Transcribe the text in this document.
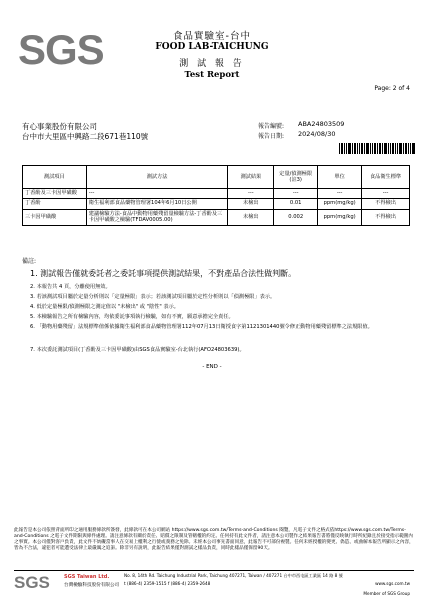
SGS	食品實驗室-台中
FOOD LAB-TAICHUNG
測 試 報 告
Test Report
Page: 2 of 4
有心事業股份有限公司
台中市大里區中興路二段671巷110號
報告編號: ABA24803509
報告日期: 2024/08/30
測試項目	測試方法	測試結果	定量/偵測極限(註3)	單位	食品衛生標準
丁香酚及三卡因甲磺酸	---	---	---	---	---
丁香酚	衛生福利部食品藥物管理署104年6月10日公開	未檢出	0.01	ppm(mg/kg)	不得檢出
三卡因甲磺酸	建議檢驗方法-食品中動物用藥殘留量檢驗方法-丁香酚及三卡因甲磺酸之檢驗(TFDAV0005.00)	未檢出	0.002	ppm(mg/kg)	不得檢出
備註:
1. 測試報告僅就委託者之委託事項提供測試結果，不對產品合法性做判斷。
2. 本報告共 4 頁，分離使用無效。
3. 若該測試項目屬於定量分析則以「定量極限」表示；若該測試項目屬於定性分析則以「偵測極限」表示。
4. 低於定量極限/偵測極限之測定值以 "未檢出" 或 "陰性" 表示。
5. 本檢驗報告之所有檢驗內容，均依委託事項執行檢驗，如有不實，願意承擔完全責任。
6. 「動物用藥殘留」法規標準值係依據衛生福利部食品藥物管理署112年07月13日衛授食字第1121301440號令修正動物用藥殘留標準之法規限值。
7. 本次委託測試項目(丁香酚及三卡因甲磺酸)由SGS食品實驗室-台北執行(AFO24803639)。
- END -
此報告是本公司依照背面所印之通用服務條款所簽發，此條款可在本公司網站 https://www.sgs.com.tw/Terms-and-Conditions 閱覽，凡電子文件之格式依https://www.sgs.com.tw/Terms-and-Conditions 之電子文件期限與條件處理。請注意條款有關於責任、賠償之限制及管轄權的約定。任何持有此文件者，請注意本公司製作之結果報告書將僅反映執行時所紀錄且於接受指示範圍內之事實。本公司僅對客戶負責，此文件不妨礙當事人在交易上權利之行使或義務之免除。未經本公司事先書面同意，此報告不可部份複製。任何未經授權的變更、偽造、或曲解本報告所顯示之內容，皆為不合法，違犯者可能遭受法律上最嚴厲之追訴。除非另有說明，此報告結果僅對測試之樣品負責，同時此樣品僅保留90天。
SGS	SGS Taiwan Ltd.
台灣檢驗科技股份有限公司
No. 8, 14th Rd. Taichung Industrial Park, Taichung 407271, Taiwan / 407271 台中市西屯區工業區 14 路 8 號
t (886-4) 2359-1515 f (886-4) 2359-2648	www.sgs.com.tw
Member of SGS Group
